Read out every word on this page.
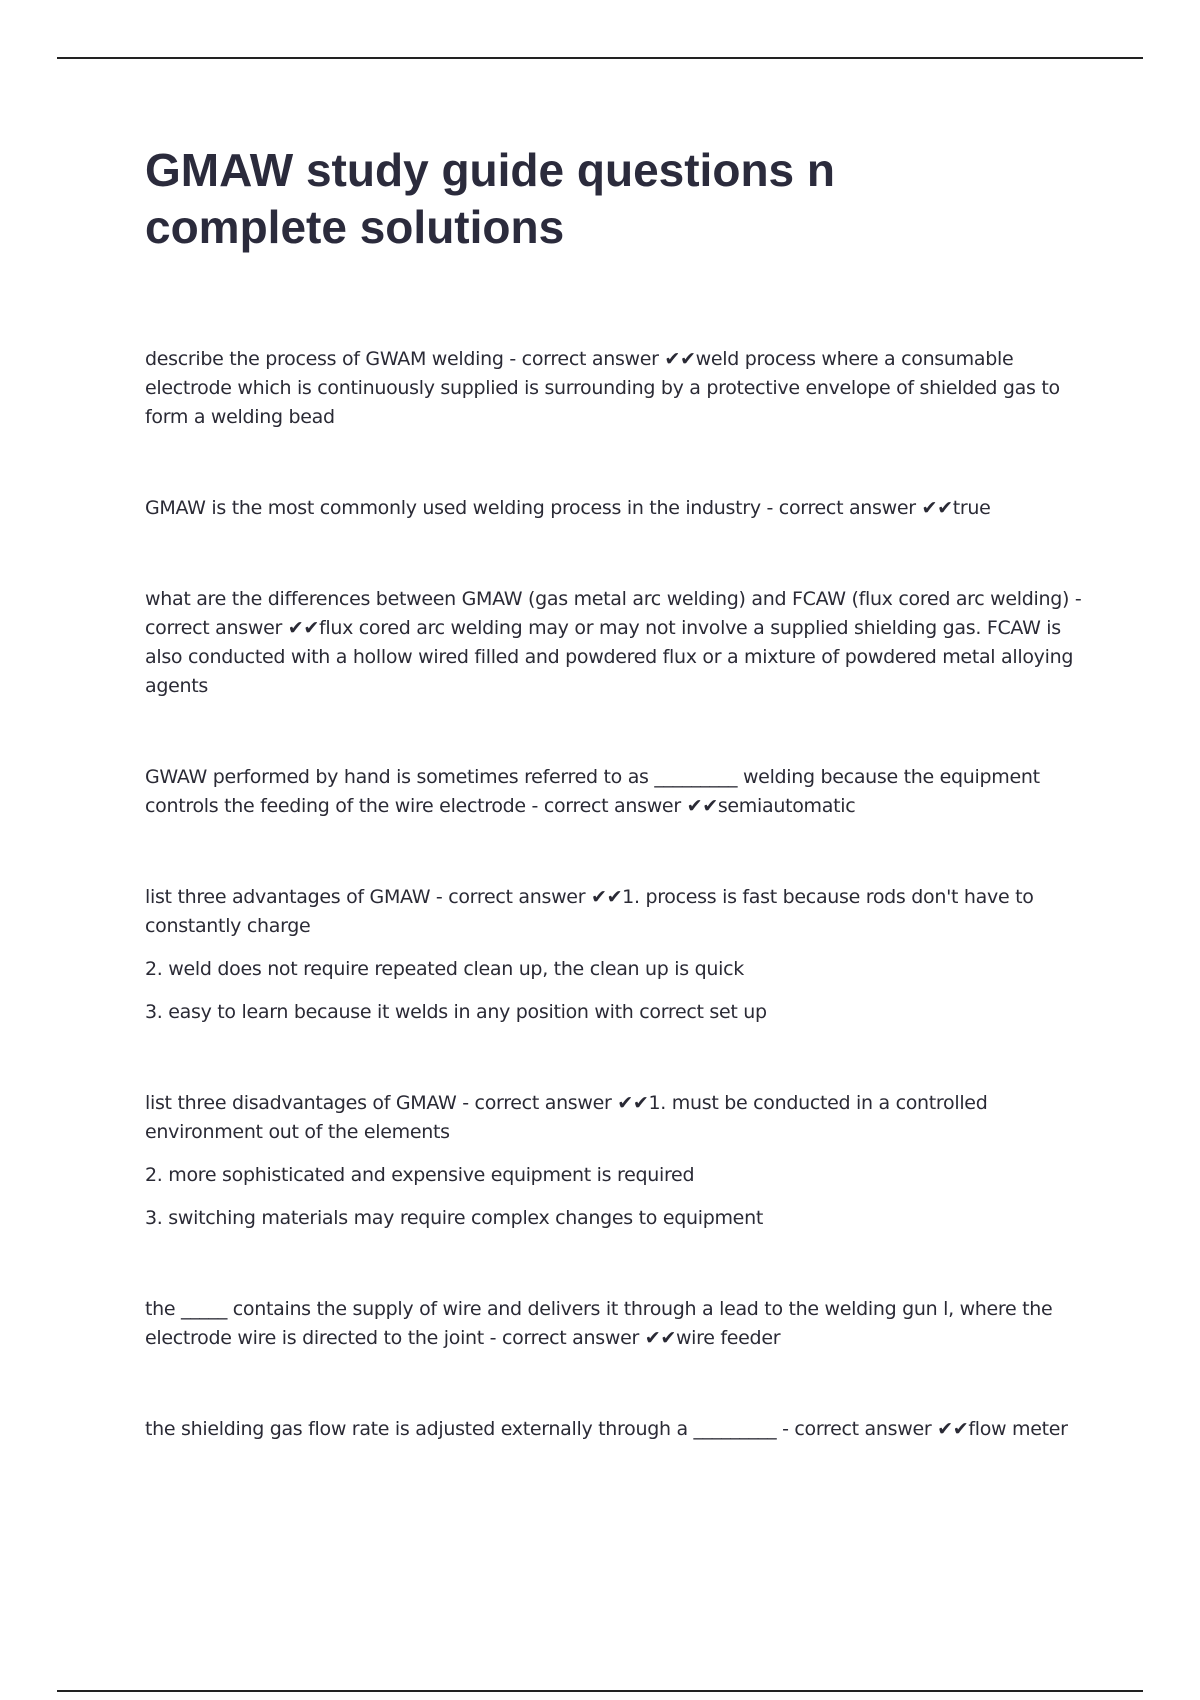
GMAW study guide questions n complete solutions

describe the process of GWAM welding - correct answer ✔✔weld process where a consumable electrode which is continuously supplied is surrounding by a protective envelope of shielded gas to form a welding bead

GMAW is the most commonly used welding process in the industry - correct answer ✔✔true

what are the differences between GMAW (gas metal arc welding) and FCAW (flux cored arc welding) - correct answer ✔✔flux cored arc welding may or may not involve a supplied shielding gas. FCAW is also conducted with a hollow wired filled and powdered flux or a mixture of powdered metal alloying agents

GWAW performed by hand is sometimes referred to as _________ welding because the equipment controls the feeding of the wire electrode - correct answer ✔✔semiautomatic

list three advantages of GMAW - correct answer ✔✔1. process is fast because rods don't have to constantly charge

2. weld does not require repeated clean up, the clean up is quick

3. easy to learn because it welds in any position with correct set up

list three disadvantages of GMAW - correct answer ✔✔1. must be conducted in a controlled environment out of the elements

2. more sophisticated and expensive equipment is required

3. switching materials may require complex changes to equipment

the _____ contains the supply of wire and delivers it through a lead to the welding gun l, where the electrode wire is directed to the joint - correct answer ✔✔wire feeder

the shielding gas flow rate is adjusted externally through a _________ - correct answer ✔✔flow meter
